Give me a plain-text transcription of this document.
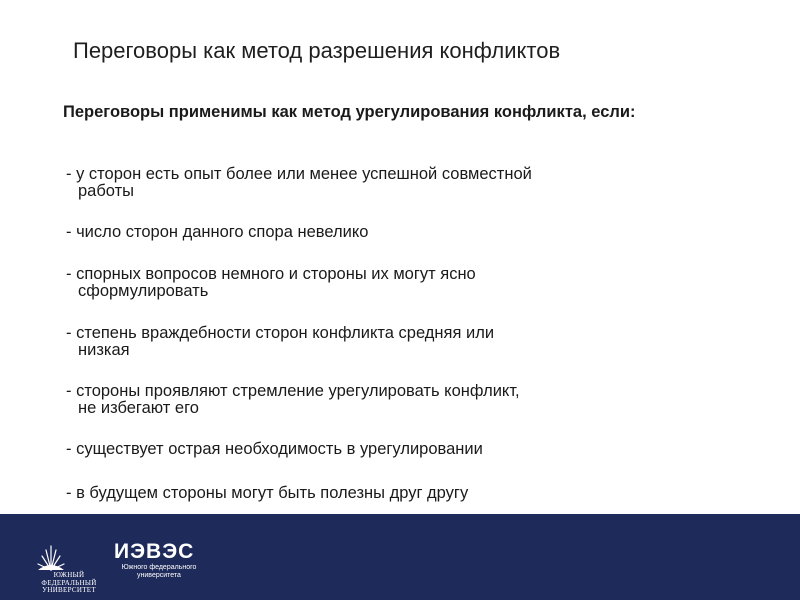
Переговоры как метод разрешения конфликтов
Переговоры применимы как метод урегулирования конфликта, если:
- у сторон есть опыт более или менее успешной совместной
работы
- число сторон данного спора невелико
- спорных вопросов немного и стороны их могут ясно
сформулировать
- степень враждебности сторон конфликта средняя или
низкая
- стороны проявляют стремление урегулировать конфликт,
не избегают его
- существует острая необходимость в урегулировании
- в будущем стороны могут быть полезны друг другу
ЮЖНЫЙ
ФЕДЕРАЛЬНЫЙ
УНИВЕРСИТЕТ
ИЭВЭС
Южного федерального
университета
